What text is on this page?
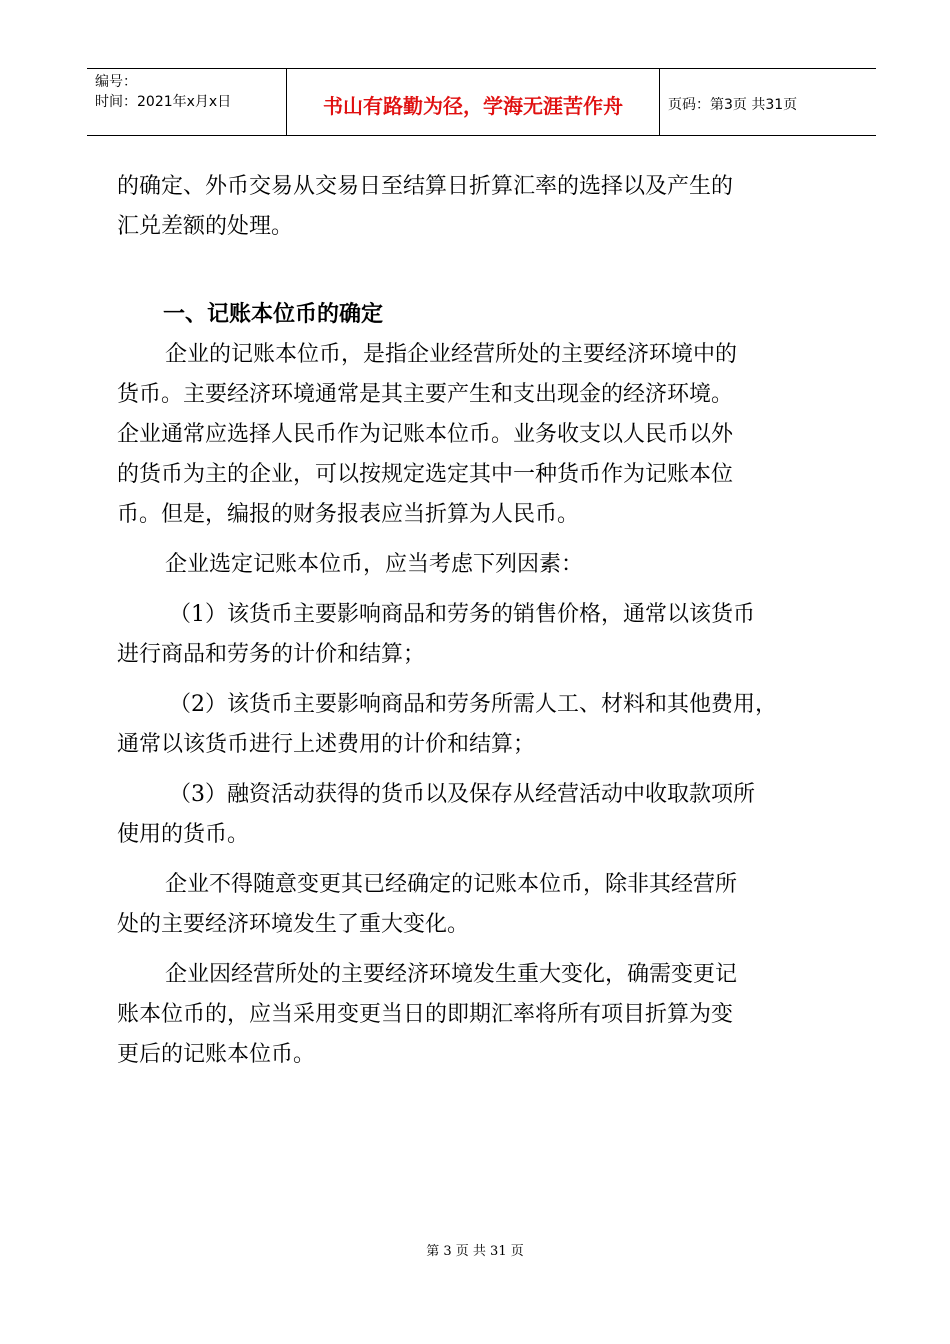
编号：
时间：2021年x月x日	书山有路勤为径，学海无涯苦作舟	页码：第3页 共31页
的确定、外币交易从交易日至结算日折算汇率的选择以及产生的
汇兑差额的处理。
一、记账本位币的确定
企业的记账本位币，是指企业经营所处的主要经济环境中的
货币。主要经济环境通常是其主要产生和支出现金的经济环境。
企业通常应选择人民币作为记账本位币。业务收支以人民币以外
的货币为主的企业，可以按规定选定其中一种货币作为记账本位
币。但是，编报的财务报表应当折算为人民币。
企业选定记账本位币，应当考虑下列因素：
（1）该货币主要影响商品和劳务的销售价格，通常以该货币
进行商品和劳务的计价和结算；
（2）该货币主要影响商品和劳务所需人工、材料和其他费用，
通常以该货币进行上述费用的计价和结算；
（3）融资活动获得的货币以及保存从经营活动中收取款项所
使用的货币。
企业不得随意变更其已经确定的记账本位币，除非其经营所
处的主要经济环境发生了重大变化。
企业因经营所处的主要经济环境发生重大变化，确需变更记
账本位币的，应当采用变更当日的即期汇率将所有项目折算为变
更后的记账本位币。
第 3 页 共 31 页
